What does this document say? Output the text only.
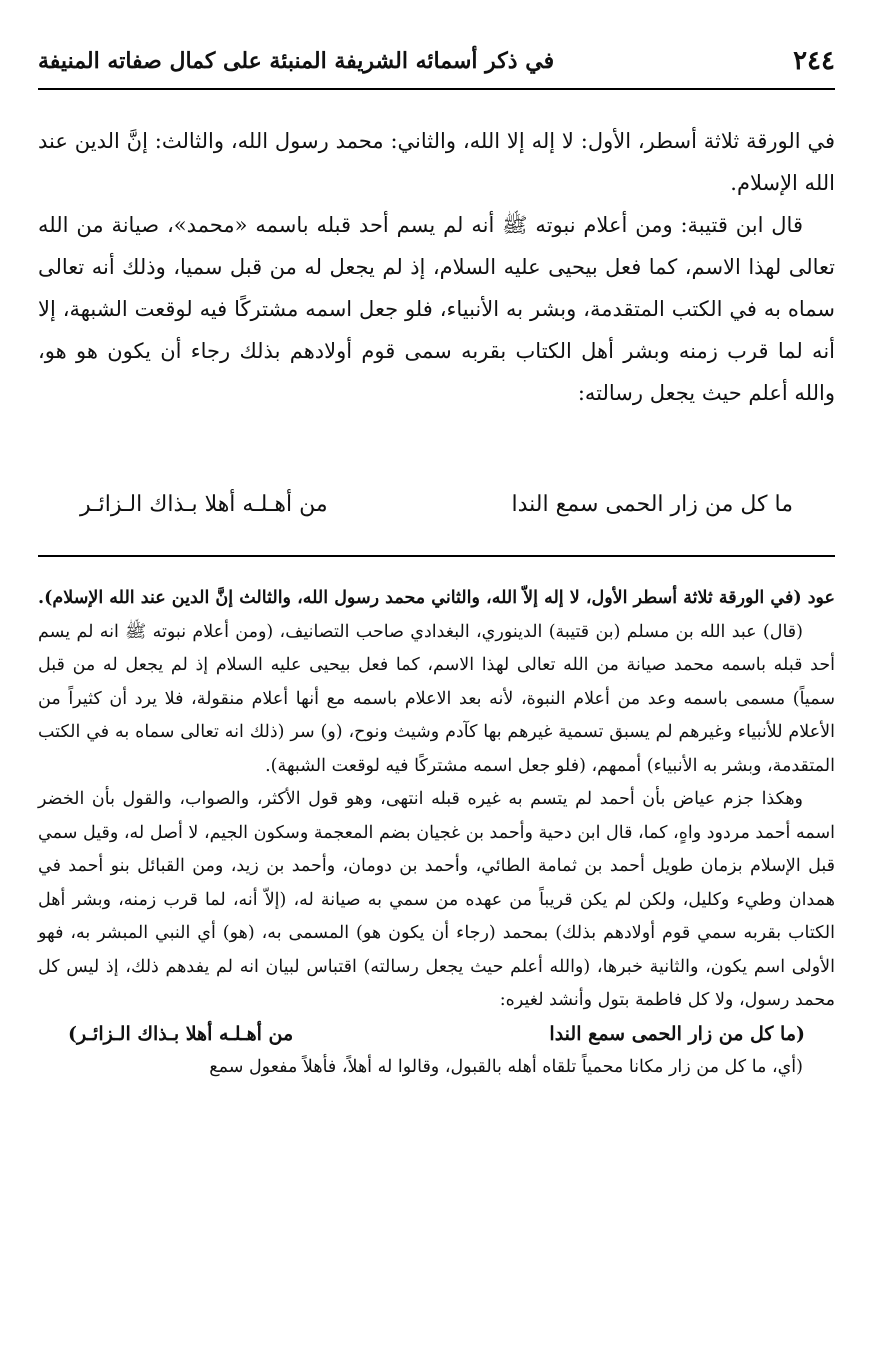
٢٤٤
في ذكر أسمائه الشريفة المنبئة على كمال صفاته المنيفة

في الورقة ثلاثة أسطر، الأول: لا إله إلا الله، والثاني: محمد رسول الله، والثالث: إنَّ الدين عند الله الإسلام.

قال ابن قتيبة: ومن أعلام نبوته ﷺ أنه لم يسم أحد قبله باسمه «محمد»، صيانة من الله تعالى لهذا الاسم، كما فعل بيحيى عليه السلام، إذ لم يجعل له من قبل سميا، وذلك أنه تعالى سماه به في الكتب المتقدمة، وبشر به الأنبياء، فلو جعل اسمه مشتركًا فيه لوقعت الشبهة، إلا أنه لما قرب زمنه وبشر أهل الكتاب بقربه سمى قوم أولادهم بذلك رجاء أن يكون هو هو، والله أعلم حيث يجعل رسالته:

ما كل من زار الحمى سمع الندا
من أهـلـه أهلا بـذاك الـزائـر

عود (في الورقة ثلاثة أسطر الأول، لا إله إلاّ الله، والثاني محمد رسول الله، والثالث إنَّ الدين عند الله الإسلام).

(قال) عبد الله بن مسلم (بن قتيبة) الدينوري، البغدادي صاحب التصانيف، (ومن أعلام نبوته ﷺ انه لم يسم أحد قبله باسمه محمد صيانة من الله تعالى لهذا الاسم، كما فعل بيحيى عليه السلام إذ لم يجعل له من قبل سمياً) مسمى باسمه وعد من أعلام النبوة، لأنه بعد الاعلام باسمه مع أنها أعلام منقولة، فلا يرد أن كثيراً من الأعلام للأنبياء وغيرهم لم يسبق تسمية غيرهم بها كآدم وشيث ونوح، (و) سر (ذلك انه تعالى سماه به في الكتب المتقدمة، وبشر به الأنبياء) أممهم، (فلو جعل اسمه مشتركًا فيه لوقعت الشبهة).

وهكذا جزم عياض بأن أحمد لم يتسم به غيره قبله انتهى، وهو قول الأكثر، والصواب، والقول بأن الخضر اسمه أحمد مردود واهٍ، كما، قال ابن دحية وأحمد بن غجيان بضم المعجمة وسكون الجيم، لا أصل له، وقيل سمي قبل الإسلام بزمان طويل أحمد بن ثمامة الطائي، وأحمد بن دومان، وأحمد بن زيد، ومن القبائل بنو أحمد في همدان وطيء وكليل، ولكن لم يكن قريباً من عهده من سمي به صيانة له، (إلاّ أنه، لما قرب زمنه، وبشر أهل الكتاب بقربه سمي قوم أولادهم بذلك) بمحمد (رجاء أن يكون هو) المسمى به، (هو) أي النبي المبشر به، فهو الأولى اسم يكون، والثانية خبرها، (والله أعلم حيث يجعل رسالته) اقتباس لبيان انه لم يفدهم ذلك، إذ ليس كل محمد رسول، ولا كل فاطمة بتول وأنشد لغيره:

(ما كل من زار الحمى سمع الندا
من أهـلـه أهلا بـذاك الـزائـر)

(أي، ما كل من زار مكانا محمياً تلقاه أهله بالقبول، وقالوا له أهلاً، فأهلاً مفعول سمع
